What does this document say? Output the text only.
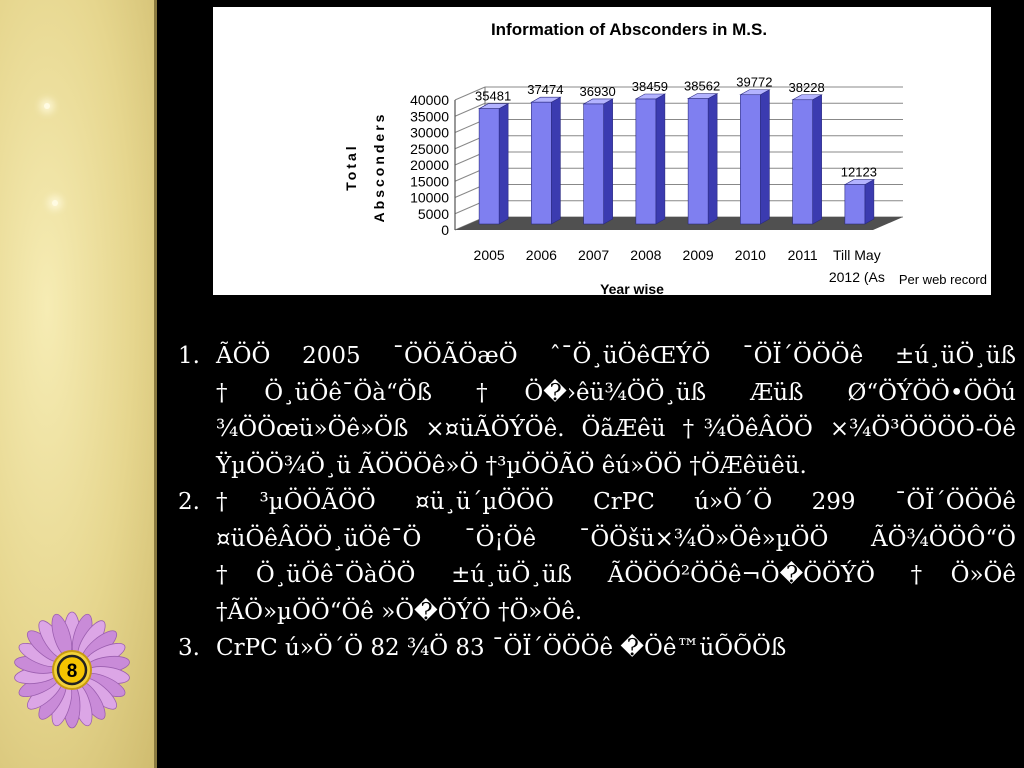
8
0
5000
10000
15000
20000
25000
30000
35000
40000
Information of Absconders in M.S.
Year wise
Total Absconders
35481 37474 36930 38459 38562 39772 38228
12123
2005 2006 2007 2008 2009 2010 2011 Till May
2012 (As Per web record
1. ÃÖÖ 2005 ¯ÖÖÃÖæÖ ˆ¯Ö¸üÖêŒÝÖ ¯ÖÏ´ÖÖÖê ±ú¸üÖ¸üß †Ö¸üÖê¯Öà“Öß †Ö�›êü¾ÖÖ¸üß Æüß Ø“ÖÝÖÖ•ÖÖú ¾ÖÖœü»Öê»Öß ×¤üÃÖÝÖê. ÖãÆêü †¾ÖêÂÖÖ ×¾Ö³ÖÖÖÖ-Öê ŸµÖÖ¾Ö¸ü ÃÖÖÖê»Ö †³µÖÖÃÖ êú»ÖÖ †ÖÆêüêü.
2. †³µÖÖÃÖÖ ¤ü¸ü´µÖÖÖ CrPC ú»Ö´Ö 299 ¯ÖÏ´ÖÖÖê ¤üÖêÂÖÖ¸üÖê¯Ö ¯Ö¡Öê ¯ÖÖšü×¾Ö»Öê»µÖÖ ÃÖ¾ÖÖÔ“Ö †Ö¸üÖê¯ÖàÖÖ ±ú¸üÖ¸üß ÃÖÖÓ²ÖÖê¬Ö�ÖÖÝÖ †Ö»Öê †ÃÖ»µÖÖ“Öê »Ö�ÖÝÖ †Ö»Öê.
3. CrPC ú»Ö´Ö 82 ¾Ö 83 ¯ÖÏ´ÖÖÖê �Öê™üÕÕÖß
